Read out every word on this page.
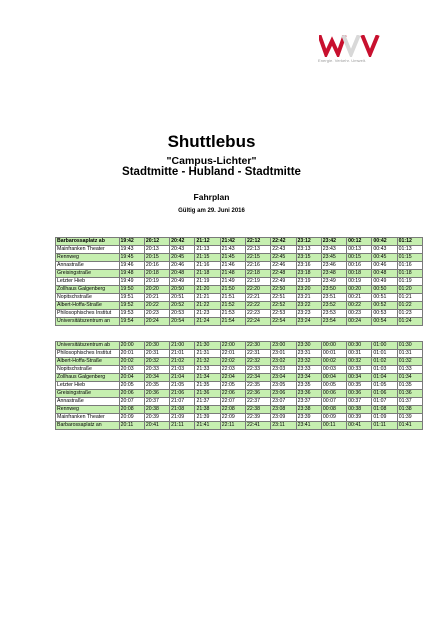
Energie. Verkehr. Umwelt.
Shuttlebus
"Campus-Lichter"
Stadtmitte - Hubland - Stadtmitte
Fahrplan
Gültig am 29. Juni 2016
Barbarossaplatz ab	19:42	20:12	20:42	21:12	21:42	22:12	22:42	23:12	23:42	00:12	00:42	01:12
Mainfranken Theater	19:43	20:13	20:43	21:13	21:43	22:13	22:43	23:13	23:43	00:13	00:43	01:13
Rennweg	19:45	20:15	20:45	21:15	21:45	22:15	22:45	23:15	23:45	00:15	00:45	01:15
Annastraße	19:46	20:16	20:46	21:16	21:46	22:16	22:46	23:16	23:46	00:16	00:46	01:16
Greisingstraße	19:48	20:18	20:48	21:18	21:48	22:18	22:48	23:18	23:48	00:18	00:48	01:18
Letzter Hieb	19:49	20:19	20:49	21:19	21:49	22:19	22:49	23:19	23:49	00:19	00:49	01:19
Zollhaus Galgenberg	19:50	20:20	20:50	21:20	21:50	22:20	22:50	23:20	23:50	00:20	00:50	01:20
Nopitschstraße	19:51	20:21	20:51	21:21	21:51	22:21	22:51	23:21	23:51	00:21	00:51	01:21
Albert-Hoffa-Straße	19:52	20:22	20:52	21:22	21:52	22:22	22:52	23:22	23:52	00:22	00:52	01:22
Philosophisches Institut	19:53	20:23	20:53	21:23	21:53	22:23	22:53	23:23	23:53	00:23	00:53	01:23
Universitätszentrum an	19:54	20:24	20:54	21:24	21:54	22:24	22:54	23:24	23:54	00:24	00:54	01:24
Universitätszentrum ab	20:00	20:30	21:00	21:30	22:00	22:30	23:00	23:30	00:00	00:30	01:00	01:30
Philosophisches Institut	20:01	20:31	21:01	21:31	22:01	22:31	23:01	23:31	00:01	00:31	01:01	01:31
Albert-Hoffa-Straße	20:02	20:32	21:02	21:32	22:02	22:32	23:02	23:32	00:02	00:32	01:02	01:32
Nopitschstraße	20:03	20:33	21:03	21:33	22:03	22:33	23:03	23:33	00:03	00:33	01:03	01:33
Zollhaus Galgenberg	20:04	20:34	21:04	21:34	22:04	22:34	23:04	23:34	00:04	00:34	01:04	01:34
Letzter Hieb	20:05	20:35	21:05	21:35	22:05	22:35	23:05	23:35	00:05	00:35	01:05	01:35
Greisingstraße	20:06	20:36	21:06	21:36	22:06	22:36	23:06	23:36	00:06	00:36	01:06	01:36
Annastraße	20:07	20:37	21:07	21:37	22:07	22:37	23:07	23:37	00:07	00:37	01:07	01:37
Rennweg	20:08	20:38	21:08	21:38	22:08	22:38	23:08	23:38	00:08	00:38	01:08	01:38
Mainfranken Theater	20:09	20:39	21:09	21:39	22:09	22:39	23:09	23:39	00:09	00:39	01:09	01:39
Barbarossaplatz an	20:11	20:41	21:11	21:41	22:11	22:41	23:11	23:41	00:11	00:41	01:11	01:41
